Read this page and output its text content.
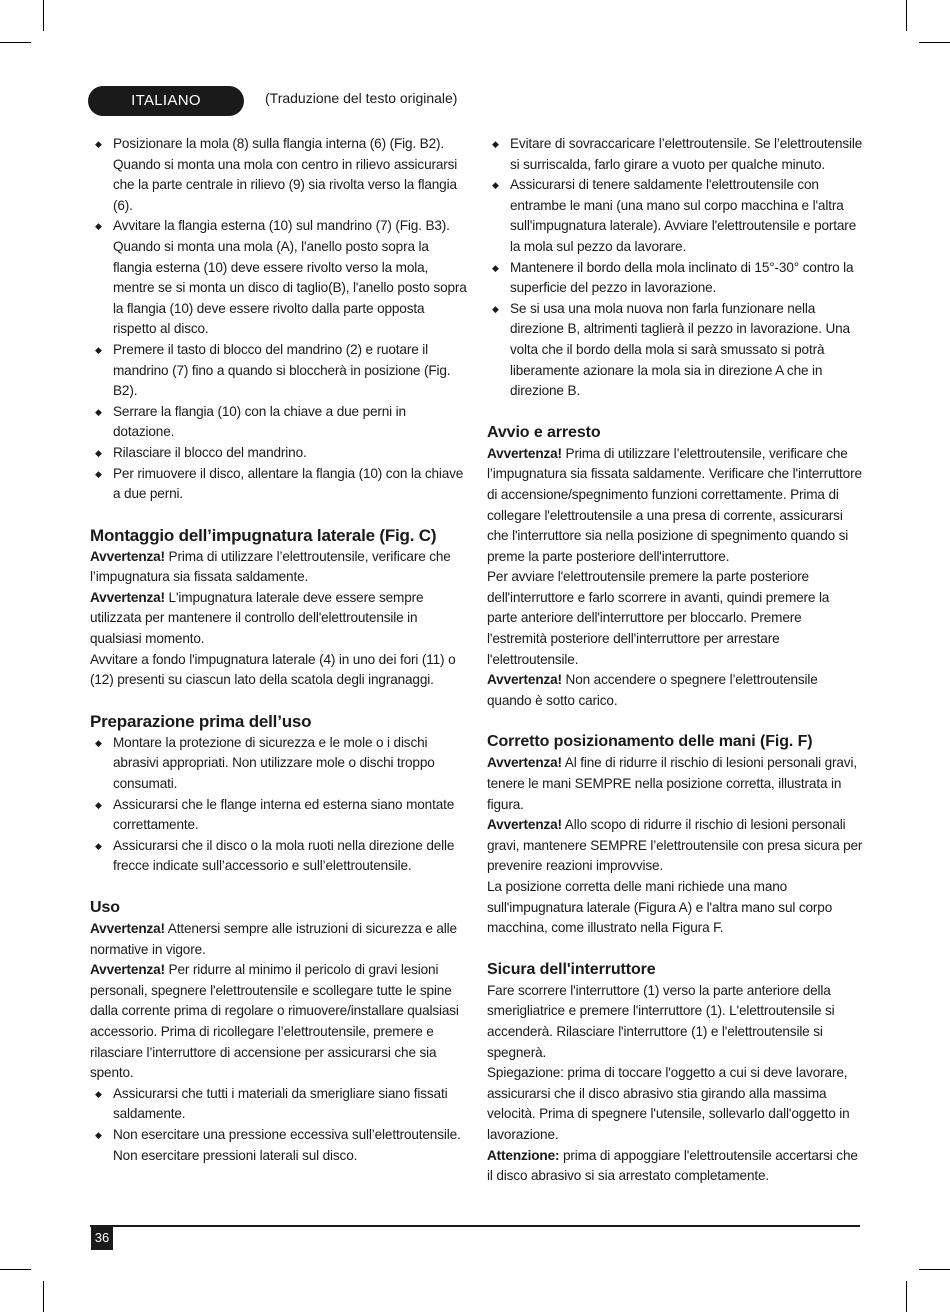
ITALIANO	(Traduzione del testo originale)

◆ Posizionare la mola (8) sulla flangia interna (6) (Fig. B2). Quando si monta una mola con centro in rilievo assicurarsi che la parte centrale in rilievo (9) sia rivolta verso la flangia (6).

◆ Avvitare la flangia esterna (10) sul mandrino (7) (Fig. B3). Quando si monta una mola (A), l'anello posto sopra la flangia esterna (10) deve essere rivolto verso la mola, mentre se si monta un disco di taglio(B), l'anello posto sopra la flangia (10) deve essere rivolto dalla parte opposta rispetto al disco.

◆ Premere il tasto di blocco del mandrino (2) e ruotare il mandrino (7) fino a quando si bloccherà in posizione (Fig. B2).

◆ Serrare la flangia (10) con la chiave a due perni in dotazione.

◆ Rilasciare il blocco del mandrino.

◆ Per rimuovere il disco, allentare la flangia (10) con la chiave a due perni.

Montaggio dell’impugnatura laterale (Fig. C)

Avvertenza! Prima di utilizzare l’elettroutensile, verificare che l’impugnatura sia fissata saldamente.

Avvertenza! L'impugnatura laterale deve essere sempre utilizzata per mantenere il controllo dell'elettroutensile in qualsiasi momento.

Avvitare a fondo l'impugnatura laterale (4) in uno dei fori (11) o (12) presenti su ciascun lato della scatola degli ingranaggi.

Preparazione prima dell’uso

◆ Montare la protezione di sicurezza e le mole o i dischi abrasivi appropriati. Non utilizzare mole o dischi troppo consumati.

◆ Assicurarsi che le flange interna ed esterna siano montate correttamente.

◆ Assicurarsi che il disco o la mola ruoti nella direzione delle frecce indicate sull’accessorio e sull’elettroutensile.

Uso

Avvertenza! Attenersi sempre alle istruzioni di sicurezza e alle normative in vigore.

Avvertenza! Per ridurre al minimo il pericolo di gravi lesioni personali, spegnere l'elettroutensile e scollegare tutte le spine dalla corrente prima di regolare o rimuovere/installare qualsiasi accessorio. Prima di ricollegare l’elettroutensile, premere e rilasciare l’interruttore di accensione per assicurarsi che sia spento.

◆ Assicurarsi che tutti i materiali da smerigliare siano fissati saldamente.

◆ Non esercitare una pressione eccessiva sull’elettroutensile. Non esercitare pressioni laterali sul disco.

◆ Evitare di sovraccaricare l’elettroutensile. Se l’elettroutensile si surriscalda, farlo girare a vuoto per qualche minuto.

◆ Assicurarsi di tenere saldamente l'elettroutensile con entrambe le mani (una mano sul corpo macchina e l'altra sull'impugnatura laterale). Avviare l'elettroutensile e portare la mola sul pezzo da lavorare.

◆ Mantenere il bordo della mola inclinato di 15°-30° contro la superficie del pezzo in lavorazione.

◆ Se si usa una mola nuova non farla funzionare nella direzione B, altrimenti taglierà il pezzo in lavorazione. Una volta che il bordo della mola si sarà smussato si potrà liberamente azionare la mola sia in direzione A che in direzione B.

Avvio e arresto

Avvertenza! Prima di utilizzare l’elettroutensile, verificare che l’impugnatura sia fissata saldamente. Verificare che l'interruttore di accensione/spegnimento funzioni correttamente. Prima di collegare l'elettroutensile a una presa di corrente, assicurarsi che l'interruttore sia nella posizione di spegnimento quando si preme la parte posteriore dell'interruttore.

Per avviare l'elettroutensile premere la parte posteriore dell'interruttore e farlo scorrere in avanti, quindi premere la parte anteriore dell'interruttore per bloccarlo. Premere l'estremità posteriore dell'interruttore per arrestare l'elettroutensile.

Avvertenza! Non accendere o spegnere l’elettroutensile quando è sotto carico.

Corretto posizionamento delle mani (Fig. F)

Avvertenza! Al fine di ridurre il rischio di lesioni personali gravi, tenere le mani SEMPRE nella posizione corretta, illustrata in figura.

Avvertenza! Allo scopo di ridurre il rischio di lesioni personali gravi, mantenere SEMPRE l’elettroutensile con presa sicura per prevenire reazioni improvvise.

La posizione corretta delle mani richiede una mano sull'impugnatura laterale (Figura A) e l'altra mano sul corpo macchina, come illustrato nella Figura F.

Sicura dell'interruttore

Fare scorrere l'interruttore (1) verso la parte anteriore della smerigliatrice e premere l'interruttore (1). L'elettroutensile si accenderà. Rilasciare l'interruttore (1) e l'elettroutensile si spegnerà.

Spiegazione: prima di toccare l'oggetto a cui si deve lavorare, assicurarsi che il disco abrasivo stia girando alla massima velocità. Prima di spegnere l'utensile, sollevarlo dall'oggetto in lavorazione.

Attenzione: prima di appoggiare l'elettroutensile accertarsi che il disco abrasivo si sia arrestato completamente.

36
